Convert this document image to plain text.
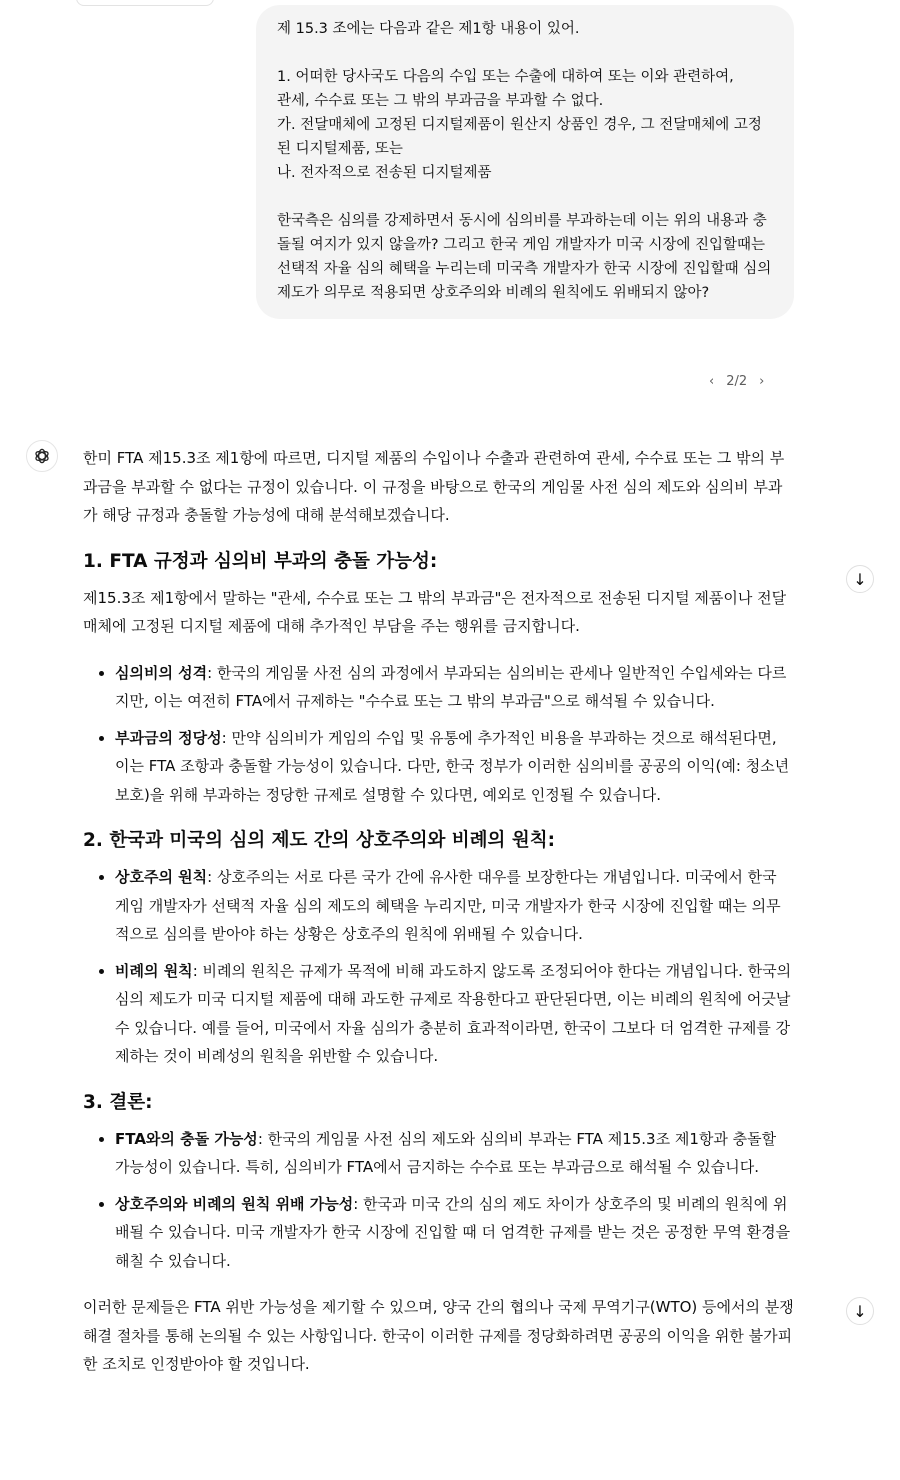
제 15.3 조에는 다음과 같은 제1항 내용이 있어.

1. 어떠한 당사국도 다음의 수입 또는 수출에 대하여 또는 이와 관련하여,
관세, 수수료 또는 그 밖의 부과금을 부과할 수 없다.
가. 전달매체에 고정된 디지털제품이 원산지 상품인 경우, 그 전달매체에 고정된 디지털제품, 또는
나. 전자적으로 전송된 디지털제품

한국측은 심의를 강제하면서 동시에 심의비를 부과하는데 이는 위의 내용과 충돌될 여지가 있지 않을까? 그리고 한국 게임 개발자가 미국 시장에 진입할때는 선택적 자율 심의 혜택을 누리는데 미국측 개발자가 한국 시장에 진입할때 심의 제도가 의무로 적용되면 상호주의와 비례의 원칙에도 위배되지 않아?
‹ 2/2 ›

한미 FTA 제15.3조 제1항에 따르면, 디지털 제품의 수입이나 수출과 관련하여 관세, 수수료 또는 그 밖의 부과금을 부과할 수 없다는 규정이 있습니다. 이 규정을 바탕으로 한국의 게임물 사전 심의 제도와 심의비 부과가 해당 규정과 충돌할 가능성에 대해 분석해보겠습니다.

1. FTA 규정과 심의비 부과의 충돌 가능성:

제15.3조 제1항에서 말하는 "관세, 수수료 또는 그 밖의 부과금"은 전자적으로 전송된 디지털 제품이나 전달매체에 고정된 디지털 제품에 대해 추가적인 부담을 주는 행위를 금지합니다.

• 심의비의 성격: 한국의 게임물 사전 심의 과정에서 부과되는 심의비는 관세나 일반적인 수입세와는 다르지만, 이는 여전히 FTA에서 규제하는 "수수료 또는 그 밖의 부과금"으로 해석될 수 있습니다.
• 부과금의 정당성: 만약 심의비가 게임의 수입 및 유통에 추가적인 비용을 부과하는 것으로 해석된다면, 이는 FTA 조항과 충돌할 가능성이 있습니다. 다만, 한국 정부가 이러한 심의비를 공공의 이익(예: 청소년 보호)을 위해 부과하는 정당한 규제로 설명할 수 있다면, 예외로 인정될 수 있습니다.
2. 한국과 미국의 심의 제도 간의 상호주의와 비례의 원칙:
• 상호주의 원칙: 상호주의는 서로 다른 국가 간에 유사한 대우를 보장한다는 개념입니다. 미국에서 한국 게임 개발자가 선택적 자율 심의 제도의 혜택을 누리지만, 미국 개발자가 한국 시장에 진입할 때는 의무적으로 심의를 받아야 하는 상황은 상호주의 원칙에 위배될 수 있습니다.
• 비례의 원칙: 비례의 원칙은 규제가 목적에 비해 과도하지 않도록 조정되어야 한다는 개념입니다. 한국의 심의 제도가 미국 디지털 제품에 대해 과도한 규제로 작용한다고 판단된다면, 이는 비례의 원칙에 어긋날 수 있습니다. 예를 들어, 미국에서 자율 심의가 충분히 효과적이라면, 한국이 그보다 더 엄격한 규제를 강제하는 것이 비례성의 원칙을 위반할 수 있습니다.
3. 결론:
• FTA와의 충돌 가능성: 한국의 게임물 사전 심의 제도와 심의비 부과는 FTA 제15.3조 제1항과 충돌할 가능성이 있습니다. 특히, 심의비가 FTA에서 금지하는 수수료 또는 부과금으로 해석될 수 있습니다.
• 상호주의와 비례의 원칙 위배 가능성: 한국과 미국 간의 심의 제도 차이가 상호주의 및 비례의 원칙에 위배될 수 있습니다. 미국 개발자가 한국 시장에 진입할 때 더 엄격한 규제를 받는 것은 공정한 무역 환경을 해칠 수 있습니다.

이러한 문제들은 FTA 위반 가능성을 제기할 수 있으며, 양국 간의 협의나 국제 무역기구(WTO) 등에서의 분쟁 해결 절차를 통해 논의될 수 있는 사항입니다. 한국이 이러한 규제를 정당화하려면 공공의 이익을 위한 불가피한 조치로 인정받아야 할 것입니다.

↓
↓
